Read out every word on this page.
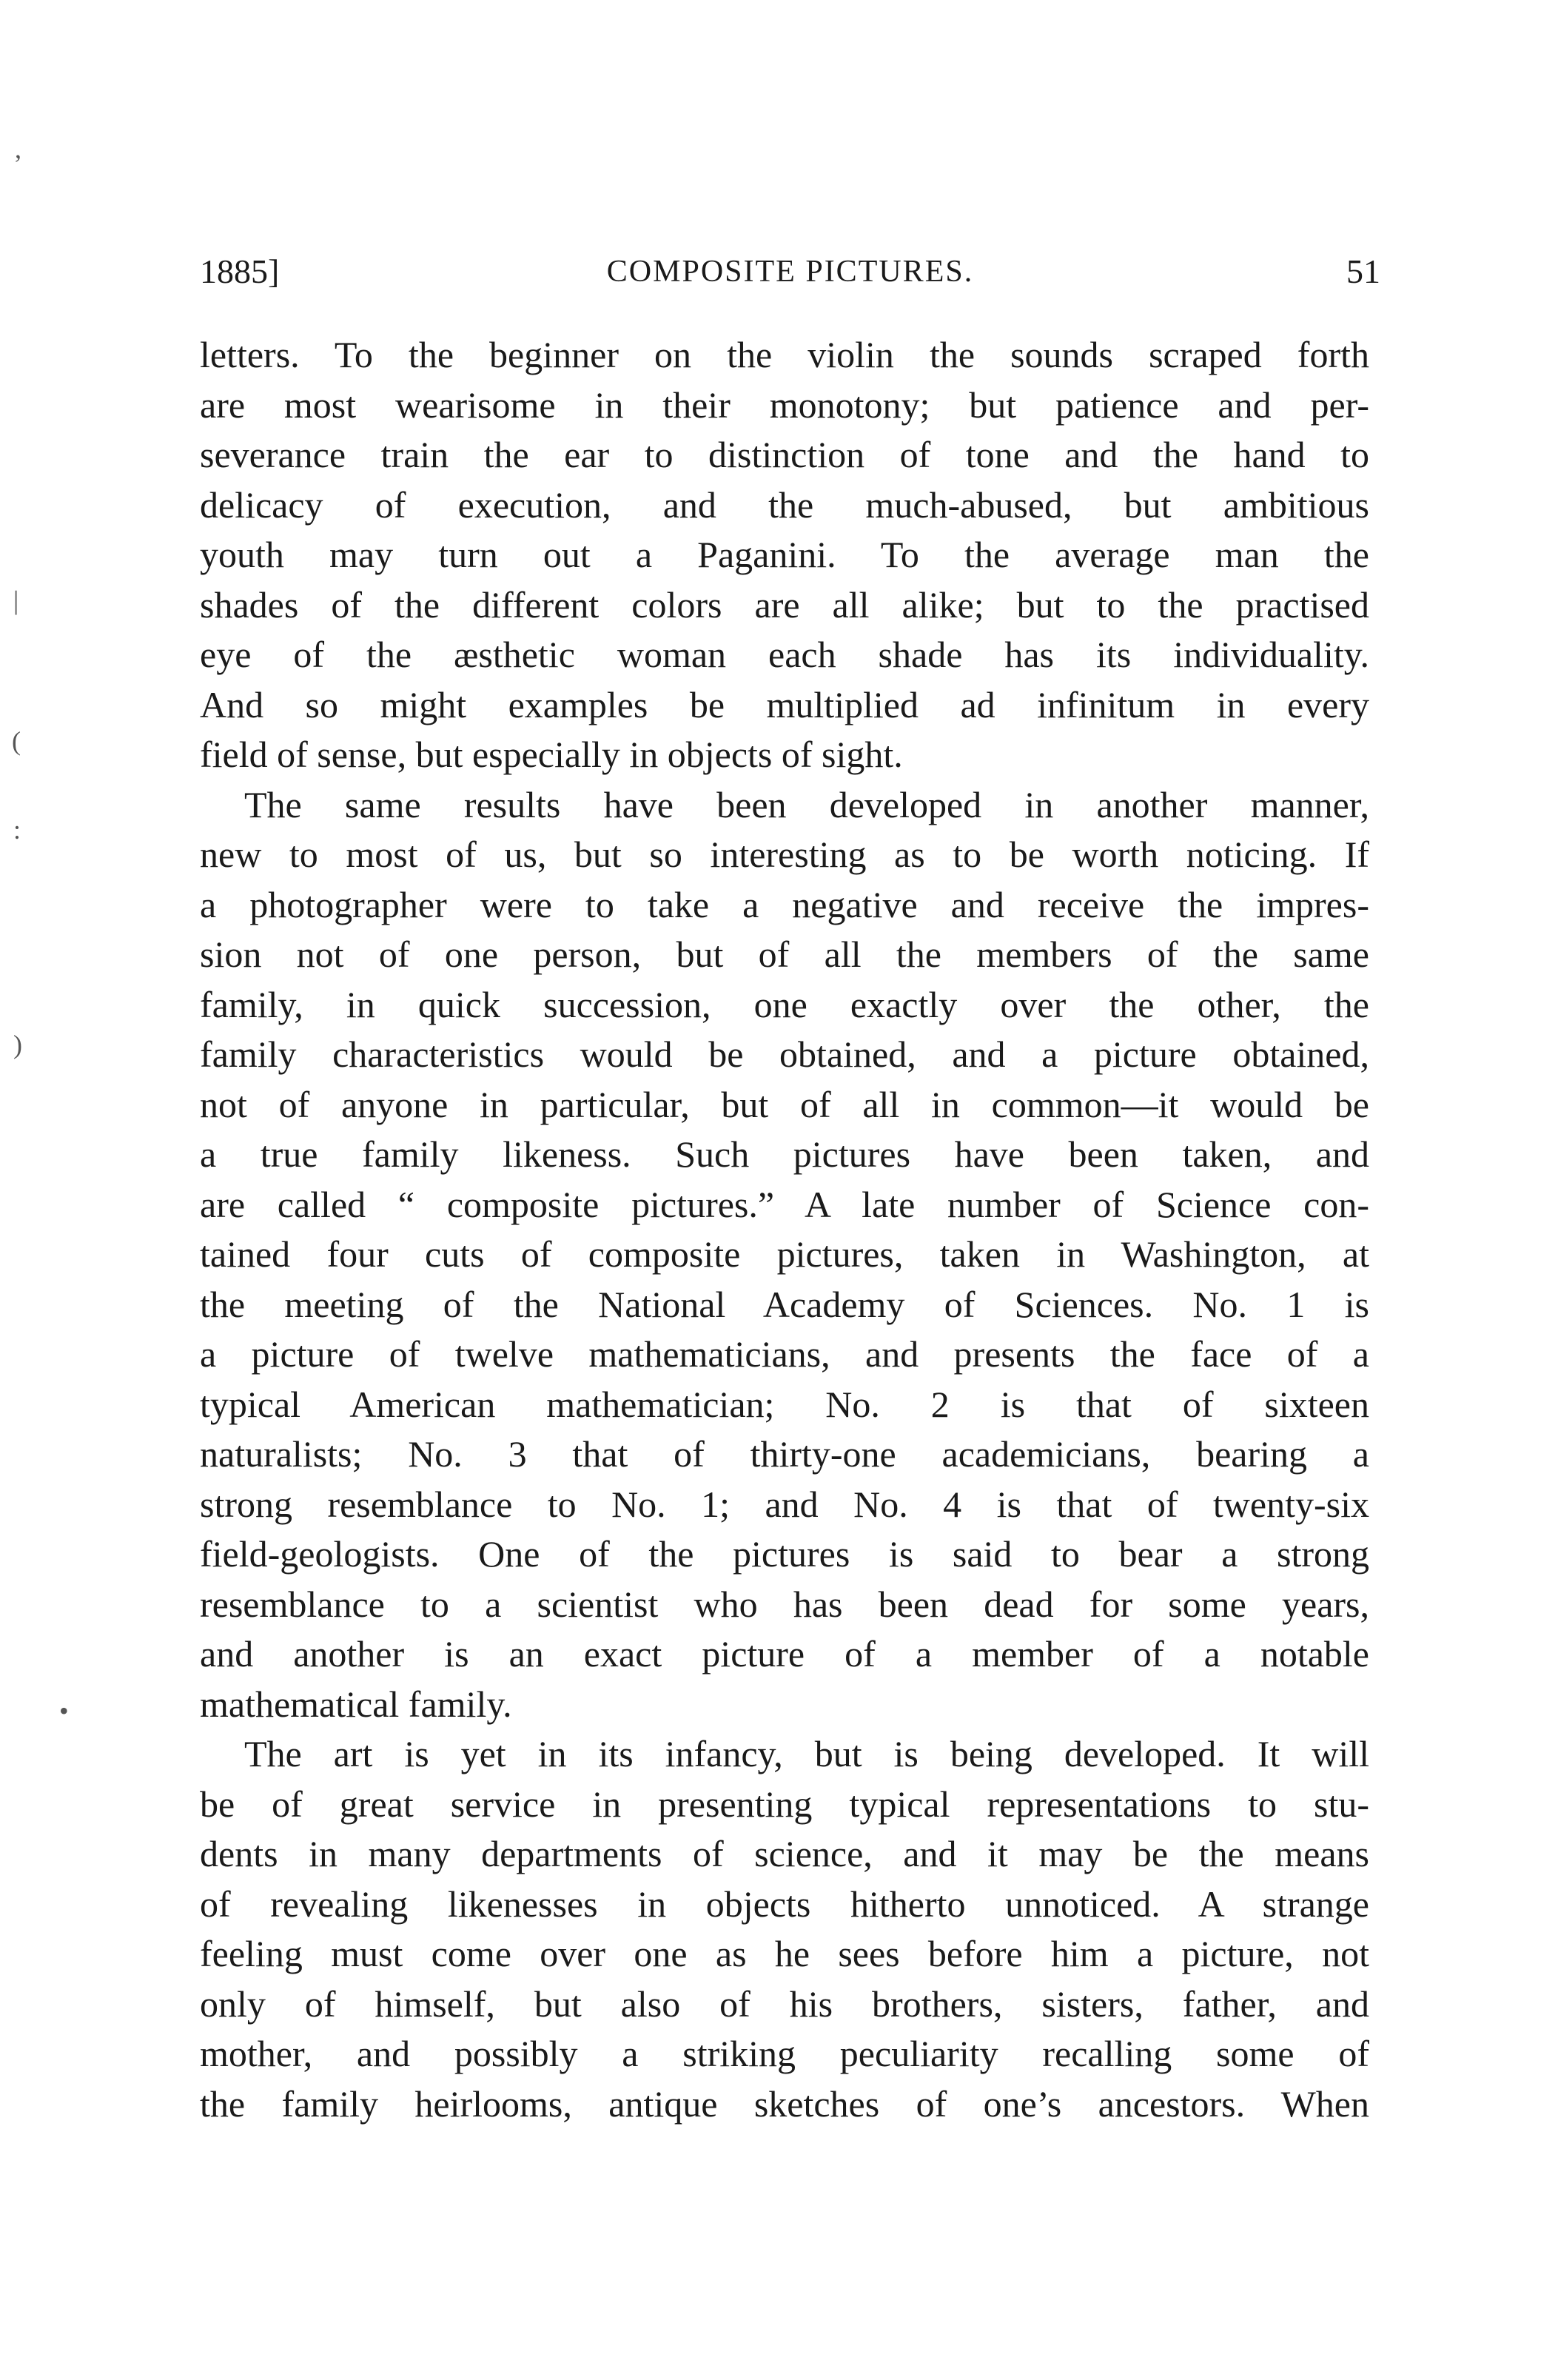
1885]	COMPOSITE PICTURES.	51
letters. To the beginner on the violin the sounds scraped forth
are most wearisome in their monotony; but patience and per-
severance train the ear to distinction of tone and the hand to
delicacy of execution, and the much-abused, but ambitious
youth may turn out a Paganini. To the average man the
shades of the different colors are all alike; but to the practised
eye of the æsthetic woman each shade has its individuality.
And so might examples be multiplied ad infinitum in every
field of sense, but especially in objects of sight.
The same results have been developed in another manner,
new to most of us, but so interesting as to be worth noticing. If
a photographer were to take a negative and receive the impres-
sion not of one person, but of all the members of the same
family, in quick succession, one exactly over the other, the
family characteristics would be obtained, and a picture obtained,
not of anyone in particular, but of all in common—it would be
a true family likeness. Such pictures have been taken, and
are called “ composite pictures.” A late number of Science con-
tained four cuts of composite pictures, taken in Washington, at
the meeting of the National Academy of Sciences. No. 1 is
a picture of twelve mathematicians, and presents the face of a
typical American mathematician; No. 2 is that of sixteen
naturalists; No. 3 that of thirty-one academicians, bearing a
strong resemblance to No. 1; and No. 4 is that of twenty-six
field-geologists. One of the pictures is said to bear a strong
resemblance to a scientist who has been dead for some years,
and another is an exact picture of a member of a notable
mathematical family.
The art is yet in its infancy, but is being developed. It will
be of great service in presenting typical representations to stu-
dents in many departments of science, and it may be the means
of revealing likenesses in objects hitherto unnoticed. A strange
feeling must come over one as he sees before him a picture, not
only of himself, but also of his brothers, sisters, father, and
mother, and possibly a striking peculiarity recalling some of
the family heirlooms, antique sketches of one’s ancestors. When
,
|
(
:
)
•
